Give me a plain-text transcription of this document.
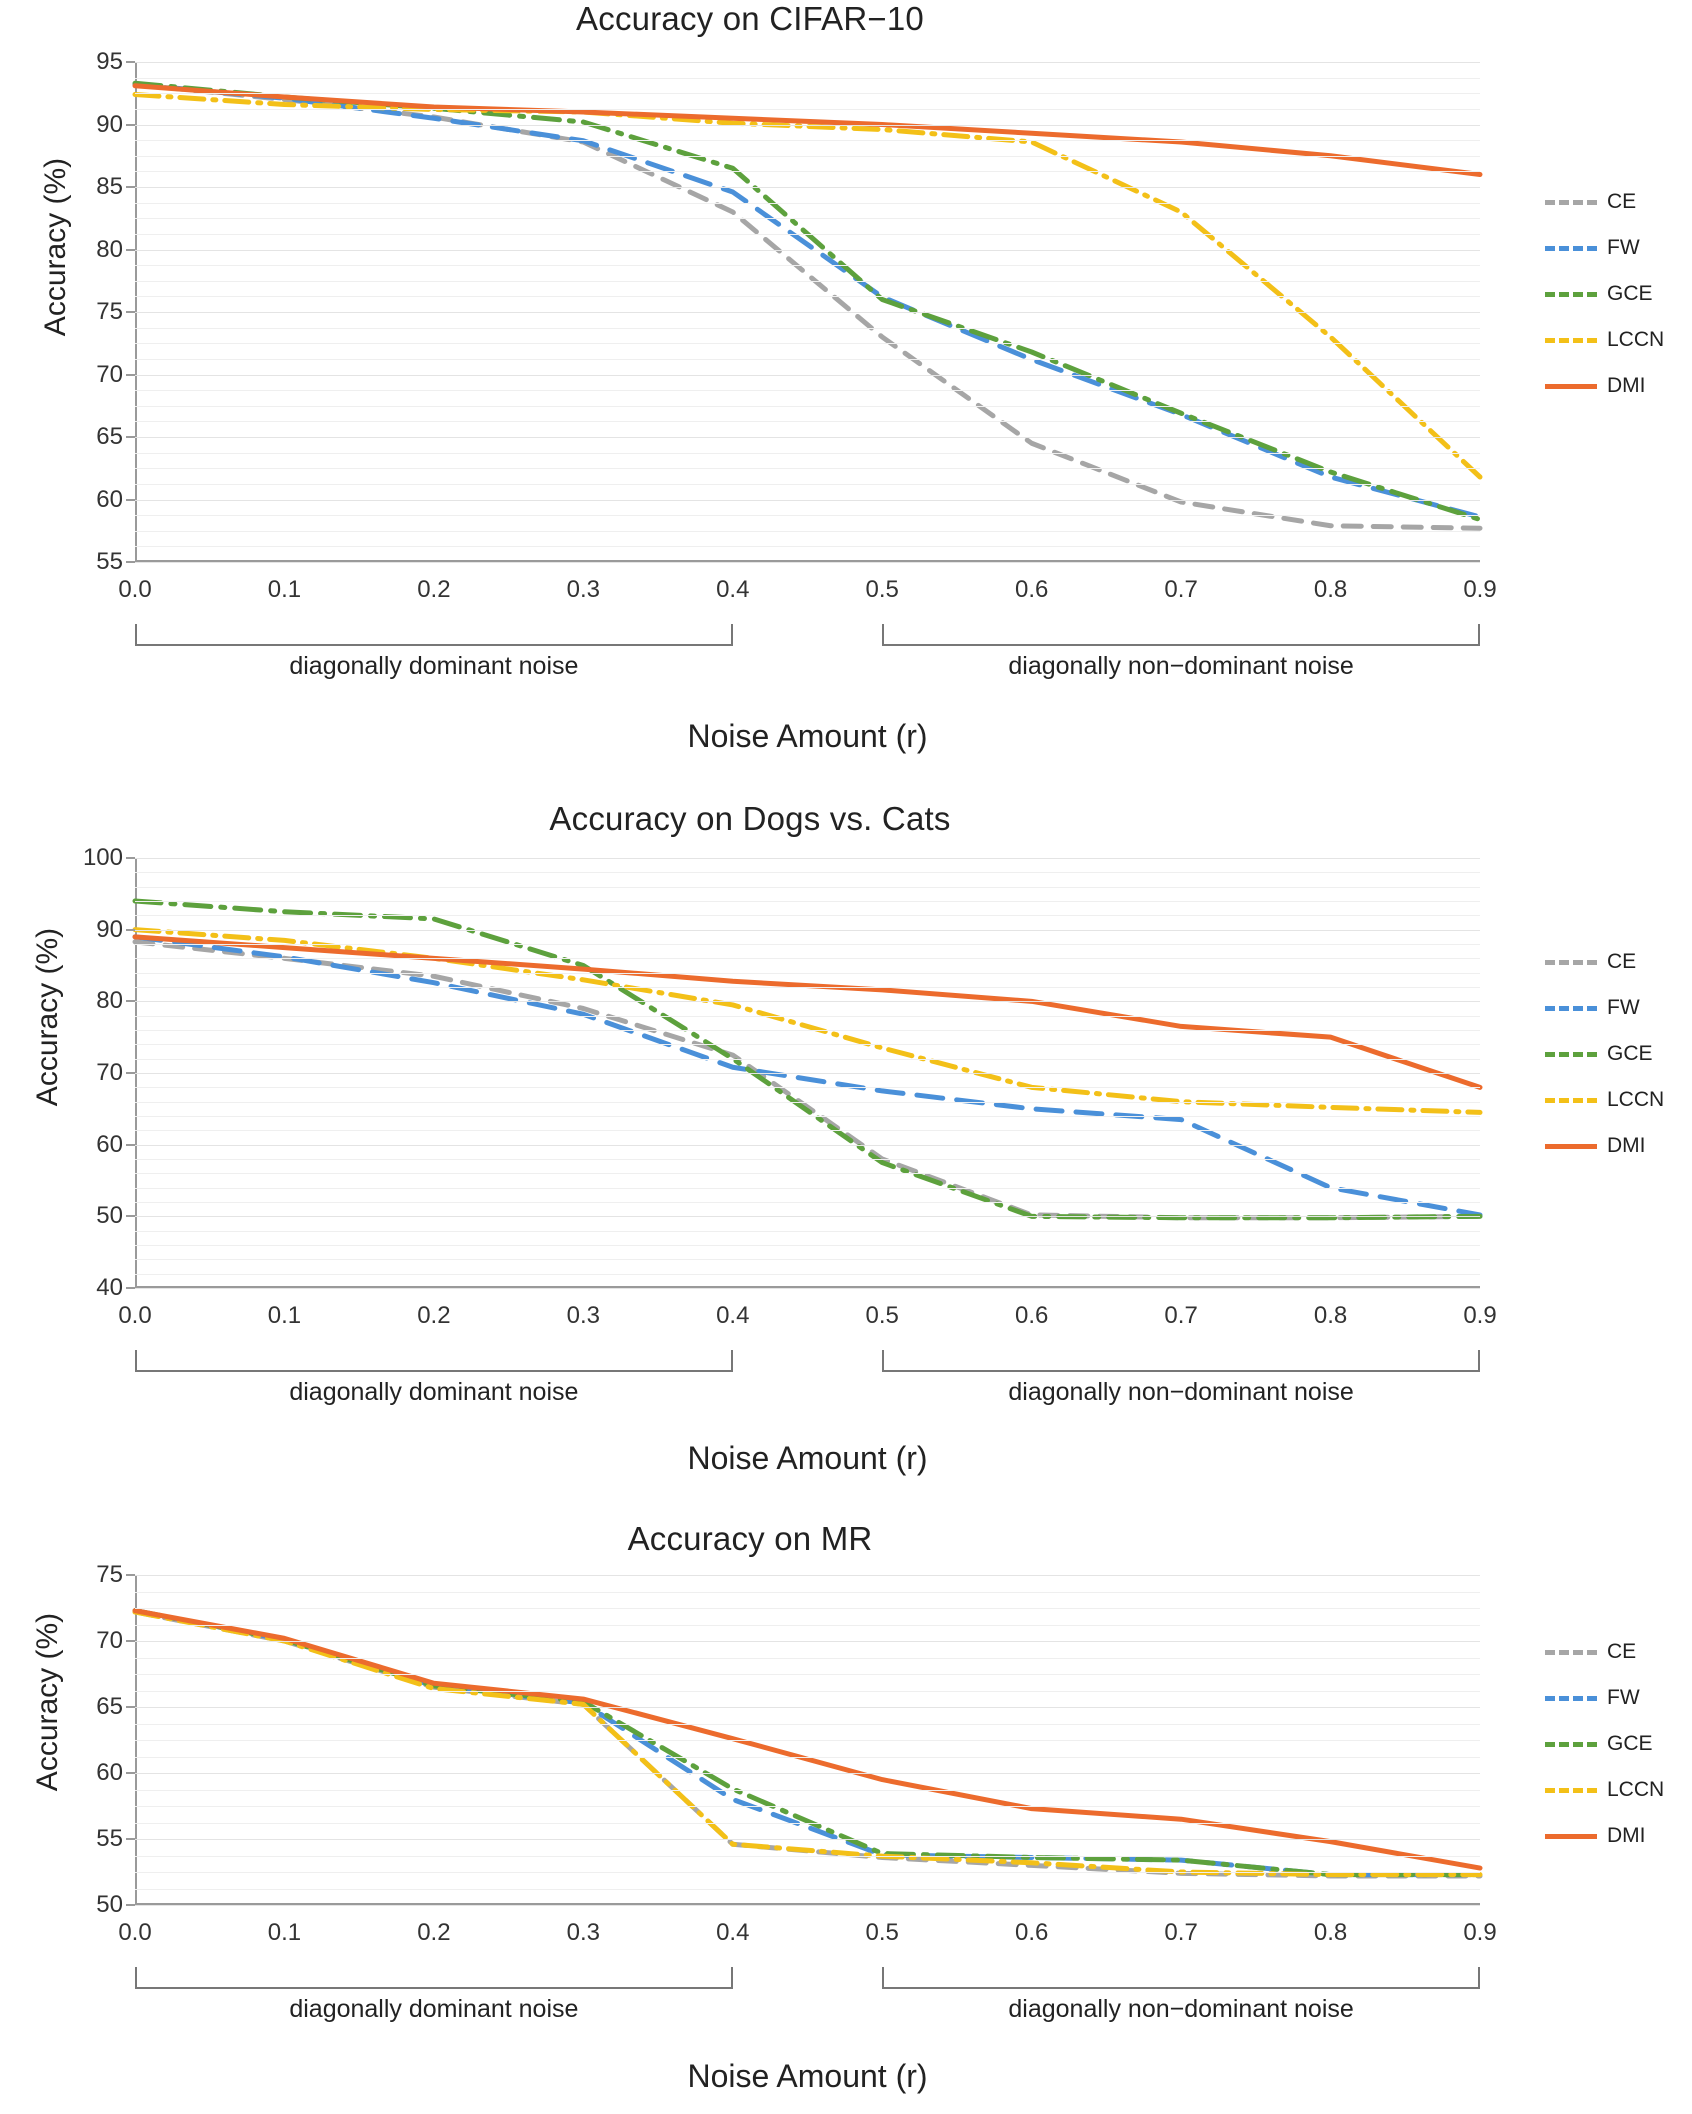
Accuracy on CIFAR−10
Accuracy (%)
55
60
65
70
75
80
85
90
95
0.0	0.1	0.2	0.3	0.4	0.5	0.6	0.7	0.8	0.9
Noise Amount (r)
CE
FW
GCE
LCCN
DMI
diagonally dominant noise	diagonally non−dominant noise
Accuracy on Dogs vs. Cats
Accuracy (%)
40
50
60
70
80
90
100
0.0	0.1	0.2	0.3	0.4	0.5	0.6	0.7	0.8	0.9
Noise Amount (r)
CE
FW
GCE
LCCN
DMI
diagonally dominant noise	diagonally non−dominant noise
Accuracy on MR
Accuracy (%)
50
55
60
65
70
75
0.0	0.1	0.2	0.3	0.4	0.5	0.6	0.7	0.8	0.9
Noise Amount (r)
CE
FW
GCE
LCCN
DMI
diagonally dominant noise	diagonally non−dominant noise
